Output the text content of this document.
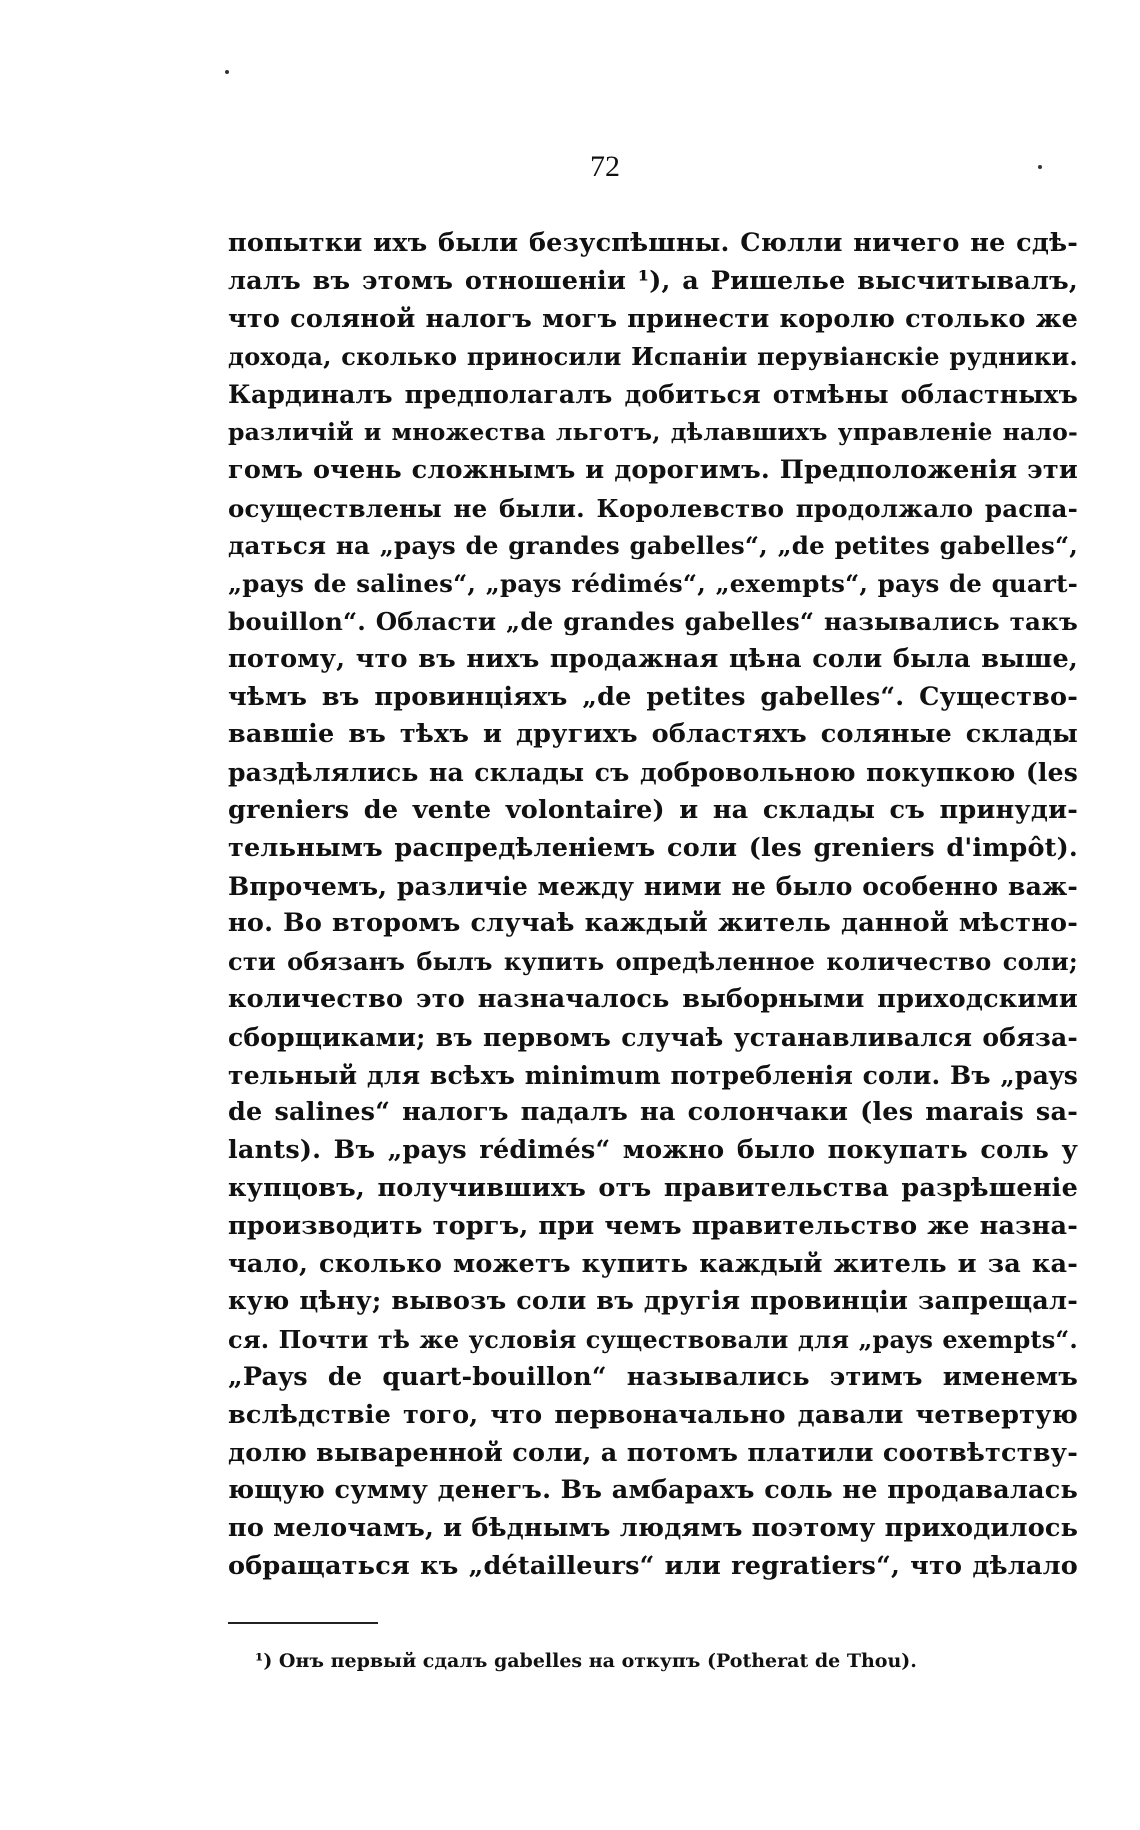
72
попытки ихъ были безуспѣшны. Сюлли ничего не сдѣ-
лалъ въ этомъ отношеніи ¹), а Ришелье высчитывалъ,
что соляной налогъ могъ принести королю столько же
дохода, сколько приносили Испаніи перувіанскіе рудники.
Кардиналъ предполагалъ добиться отмѣны областныхъ
различій и множества льготъ, дѣлавшихъ управленіе нало-
гомъ очень сложнымъ и дорогимъ. Предположенія эти
осуществлены не были. Королевство продолжало распа-
даться на „pays de grandes gabelles“, „de petites gabelles“,
„pays de salines“, „pays rédimés“, „exempts“, pays de quart-
bouillon“. Области „de grandes gabelles“ назывались такъ
потому, что въ нихъ продажная цѣна соли была выше,
чѣмъ въ провинціяхъ „de petites gabelles“. Существо-
вавшіе въ тѣхъ и другихъ областяхъ соляные склады
раздѣлялись на склады съ добровольною покупкою (les
greniers de vente volontaire) и на склады съ принуди-
тельнымъ распредѣленіемъ соли (les greniers d'impôt).
Впрочемъ, различіе между ними не было особенно важ-
но. Во второмъ случаѣ каждый житель данной мѣстно-
сти обязанъ былъ купить опредѣленное количество соли;
количество это назначалось выборными приходскими
сборщиками; въ первомъ случаѣ устанавливался обяза-
тельный для всѣхъ minimum потребленія соли. Въ „pays
de salines“ налогъ падалъ на солончаки (les marais sa-
lants). Въ „pays rédimés“ можно было покупать соль у
купцовъ, получившихъ отъ правительства разрѣшеніе
производить торгъ, при чемъ правительство же назна-
чало, сколько можетъ купить каждый житель и за ка-
кую цѣну; вывозъ соли въ другія провинціи запрещал-
ся. Почти тѣ же условія существовали для „pays exempts“.
„Pays de quart-bouillon“ назывались этимъ именемъ
вслѣдствіе того, что первоначально давали четвертую
долю вываренной соли, а потомъ платили соотвѣтству-
ющую сумму денегъ. Въ амбарахъ соль не продавалась
по мелочамъ, и бѣднымъ людямъ поэтому приходилось
обращаться къ „détailleurs“ или regratiers“, что дѣлало
¹) Онъ первый сдалъ gabelles на откупъ (Potherat de Thou).
